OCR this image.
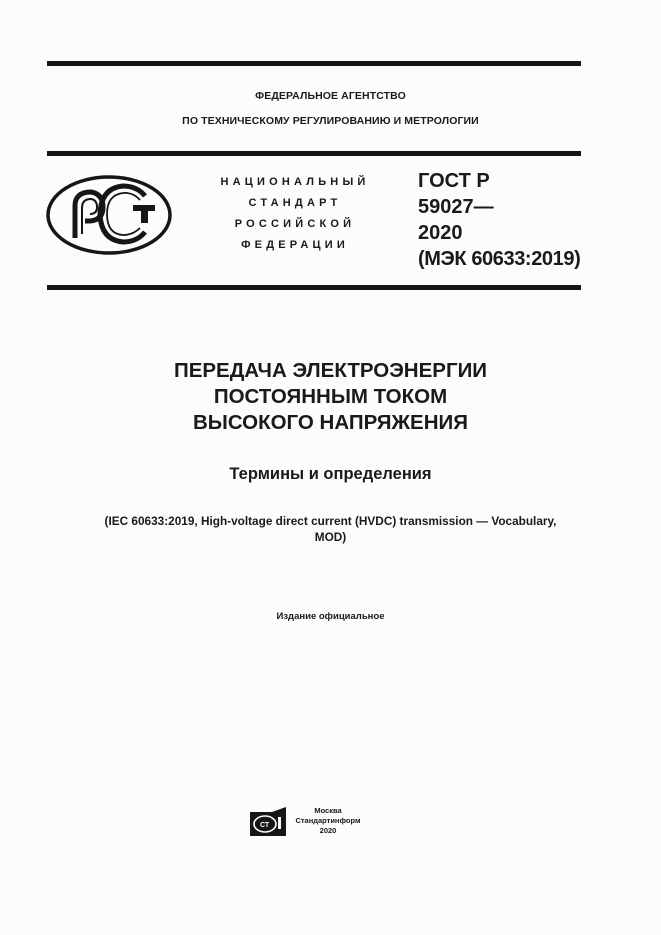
ФЕДЕРАЛЬНОЕ АГЕНТСТВО
ПО ТЕХНИЧЕСКОМУ РЕГУЛИРОВАНИЮ И МЕТРОЛОГИИ
НАЦИОНАЛЬНЫЙ
СТАНДАРТ
РОССИЙСКОЙ
ФЕДЕРАЦИИ
ГОСТ Р
59027—
2020
(МЭК 60633:2019)
ПЕРЕДАЧА ЭЛЕКТРОЭНЕРГИИ
ПОСТОЯННЫМ ТОКОМ
ВЫСОКОГО НАПРЯЖЕНИЯ
Термины и определения
(IEC 60633:2019, High-voltage direct current (HVDC) transmission — Vocabulary,
MOD)
Издание официальное
СТ
Москва
Стандартинформ
2020
